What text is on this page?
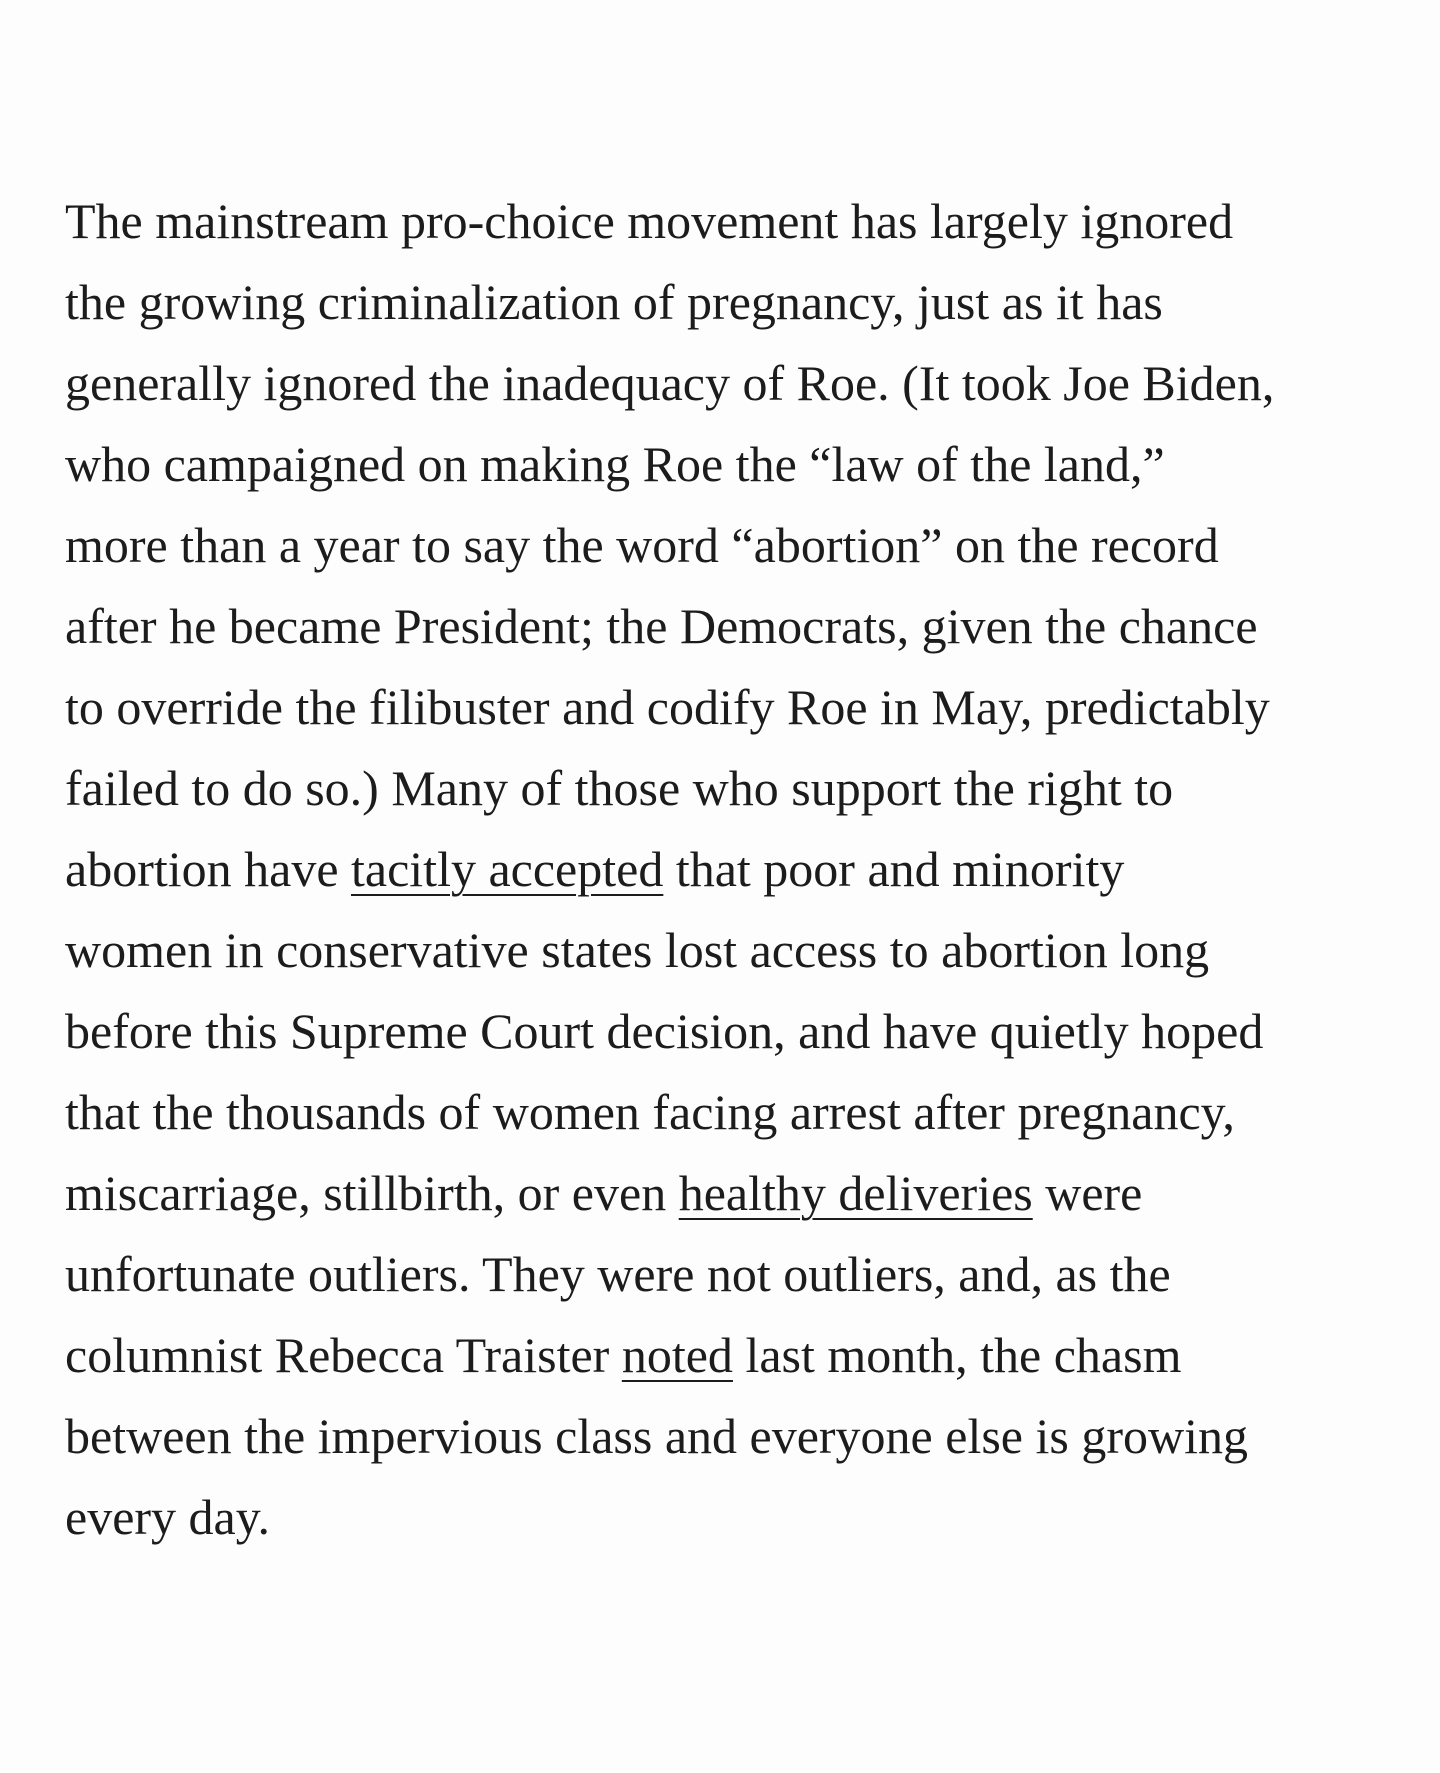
The mainstream pro-choice movement has largely ignored
the growing criminalization of pregnancy, just as it has
generally ignored the inadequacy of Roe. (It took Joe Biden,
who campaigned on making Roe the “law of the land,”
more than a year to say the word “abortion” on the record
after he became President; the Democrats, given the chance
to override the filibuster and codify Roe in May, predictably
failed to do so.) Many of those who support the right to
abortion have tacitly accepted that poor and minority
women in conservative states lost access to abortion long
before this Supreme Court decision, and have quietly hoped
that the thousands of women facing arrest after pregnancy,
miscarriage, stillbirth, or even healthy deliveries were
unfortunate outliers. They were not outliers, and, as the
columnist Rebecca Traister noted last month, the chasm
between the impervious class and everyone else is growing
every day.
